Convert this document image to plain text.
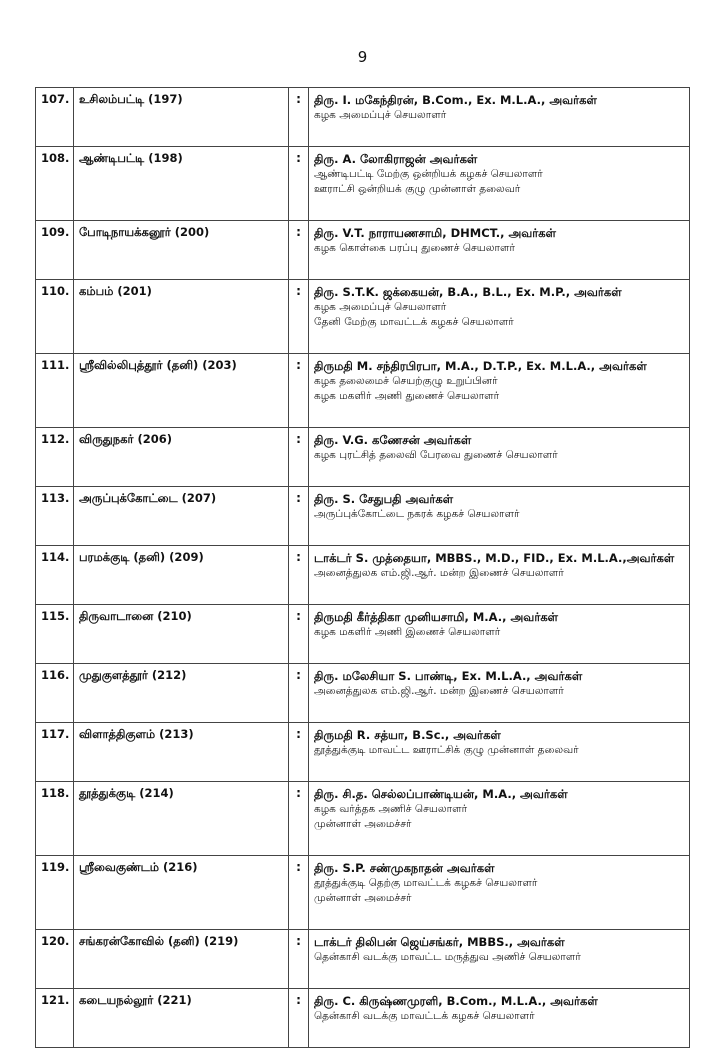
9
107.	உசிலம்பட்டி (197)	:	திரு. I. மகேந்திரன், B.Com., Ex. M.L.A., அவர்கள்
கழக அமைப்புச் செயலாளர்

108.	ஆண்டிபட்டி (198)	:	திரு. A. லோகிராஜன் அவர்கள்
ஆண்டிபட்டி மேற்கு ஒன்றியக் கழகச் செயலாளர்
ஊராட்சி ஒன்றியக் குழு முன்னாள் தலைவர்

109.	போடிநாயக்கனூர் (200)	:	திரு. V.T. நாராயணசாமி, DHMCT., அவர்கள்
கழக கொள்கை பரப்பு துணைச் செயலாளர்

110.	கம்பம் (201)	:	திரு. S.T.K. ஜக்கையன், B.A., B.L., Ex. M.P., அவர்கள்
கழக அமைப்புச் செயலாளர்
தேனி மேற்கு மாவட்டக் கழகச் செயலாளர்

111.	ஸ்ரீவில்லிபுத்தூர் (தனி) (203)	:	திருமதி M. சந்திரபிரபா, M.A., D.T.P., Ex. M.L.A., அவர்கள்
கழக தலைமைச் செயற்குழு உறுப்பினர்
கழக மகளிர் அணி துணைச் செயலாளர்

112.	விருதுநகர் (206)	:	திரு. V.G. கணேசன் அவர்கள்
கழக புரட்சித் தலைவி பேரவை துணைச் செயலாளர்

113.	அருப்புக்கோட்டை (207)	:	திரு. S. சேதுபதி அவர்கள்
அருப்புக்கோட்டை நகரக் கழகச் செயலாளர்

114.	பரமக்குடி (தனி) (209)	:	டாக்டர் S. முத்தையா, MBBS., M.D., FID., Ex. M.L.A.,அவர்கள்
அனைத்துலக எம்.ஜி.ஆர். மன்ற இணைச் செயலாளர்

115.	திருவாடானை (210)	:	திருமதி கீர்த்திகா முனியசாமி, M.A., அவர்கள்
கழக மகளிர் அணி இணைச் செயலாளர்

116.	முதுகுளத்தூர் (212)	:	திரு. மலேசியா S. பாண்டி, Ex. M.L.A., அவர்கள்
அனைத்துலக எம்.ஜி.ஆர். மன்ற இணைச் செயலாளர்

117.	விளாத்திகுளம் (213)	:	திருமதி R. சத்யா, B.Sc., அவர்கள்
தூத்துக்குடி மாவட்ட ஊராட்சிக் குழு முன்னாள் தலைவர்

118.	தூத்துக்குடி (214)	:	திரு. சி.த. செல்லப்பாண்டியன், M.A., அவர்கள்
கழக வர்த்தக அணிச் செயலாளர்
முன்னாள் அமைச்சர்

119.	ஸ்ரீவைகுண்டம் (216)	:	திரு. S.P. சண்முகநாதன் அவர்கள்
தூத்துக்குடி தெற்கு மாவட்டக் கழகச் செயலாளர்
முன்னாள் அமைச்சர்

120.	சங்கரன்கோவில் (தனி) (219)	:	டாக்டர் திலிபன் ஜெய்சங்கர், MBBS., அவர்கள்
தென்காசி வடக்கு மாவட்ட மருத்துவ அணிச் செயலாளர்

121.	கடையநல்லூர் (221)	:	திரு. C. கிருஷ்ணமுரளி, B.Com., M.L.A., அவர்கள்
தென்காசி வடக்கு மாவட்டக் கழகச் செயலாளர்
